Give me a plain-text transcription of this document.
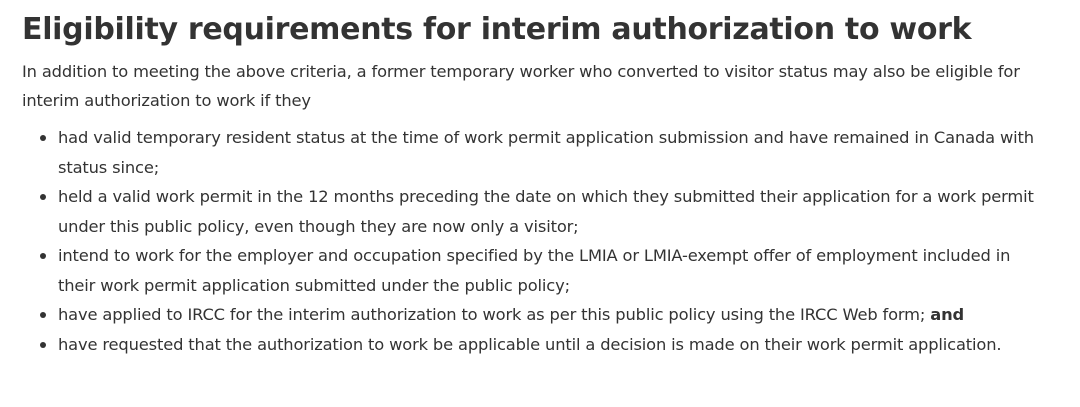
Eligibility requirements for interim authorization to work

In addition to meeting the above criteria, a former temporary worker who converted to visitor status may also be eligible for interim authorization to work if they

had valid temporary resident status at the time of work permit application submission and have remained in Canada with status since;
held a valid work permit in the 12 months preceding the date on which they submitted their application for a work permit under this public policy, even though they are now only a visitor;
intend to work for the employer and occupation specified by the LMIA or LMIA-exempt offer of employment included in their work permit application submitted under the public policy;
have applied to IRCC for the interim authorization to work as per this public policy using the IRCC Web form; and
have requested that the authorization to work be applicable until a decision is made on their work permit application.
